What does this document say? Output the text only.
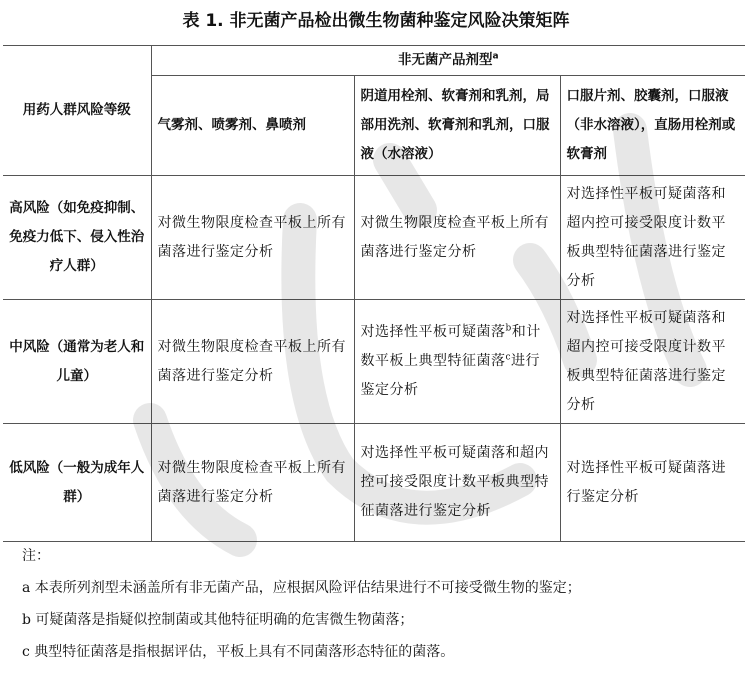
表 1. 非无菌产品检出微生物菌种鉴定风险决策矩阵
用药人群风险等级	非无菌产品剂型$^a$
	气雾剂、喷雾剂、鼻喷剂	阴道用栓剂、软膏剂和乳剂，局部用洗剂、软膏剂和乳剂，口服液（水溶液）	口服片剂、胶囊剂，口服液（非水溶液），直肠用栓剂或软膏剂
高风险（如免疫抑制、免疫力低下、侵入性治疗人群）	对微生物限度检查平板上所有菌落进行鉴定分析	对微生物限度检查平板上所有菌落进行鉴定分析	对选择性平板可疑菌落和超内控可接受限度计数平板典型特征菌落进行鉴定分析
中风险（通常为老人和儿童）	对微生物限度检查平板上所有菌落进行鉴定分析	对选择性平板可疑菌落$^b$和计数平板上典型特征菌落$^c$进行鉴定分析	对选择性平板可疑菌落和超内控可接受限度计数平板典型特征菌落进行鉴定分析
低风险（一般为成年人群）	对微生物限度检查平板上所有菌落进行鉴定分析	对选择性平板可疑菌落和超内控可接受限度计数平板典型特征菌落进行鉴定分析	对选择性平板可疑菌落进行鉴定分析
注：
a 本表所列剂型未涵盖所有非无菌产品，应根据风险评估结果进行不可接受微生物的鉴定；
b 可疑菌落是指疑似控制菌或其他特征明确的危害微生物菌落；
c 典型特征菌落是指根据评估，平板上具有不同菌落形态特征的菌落。
